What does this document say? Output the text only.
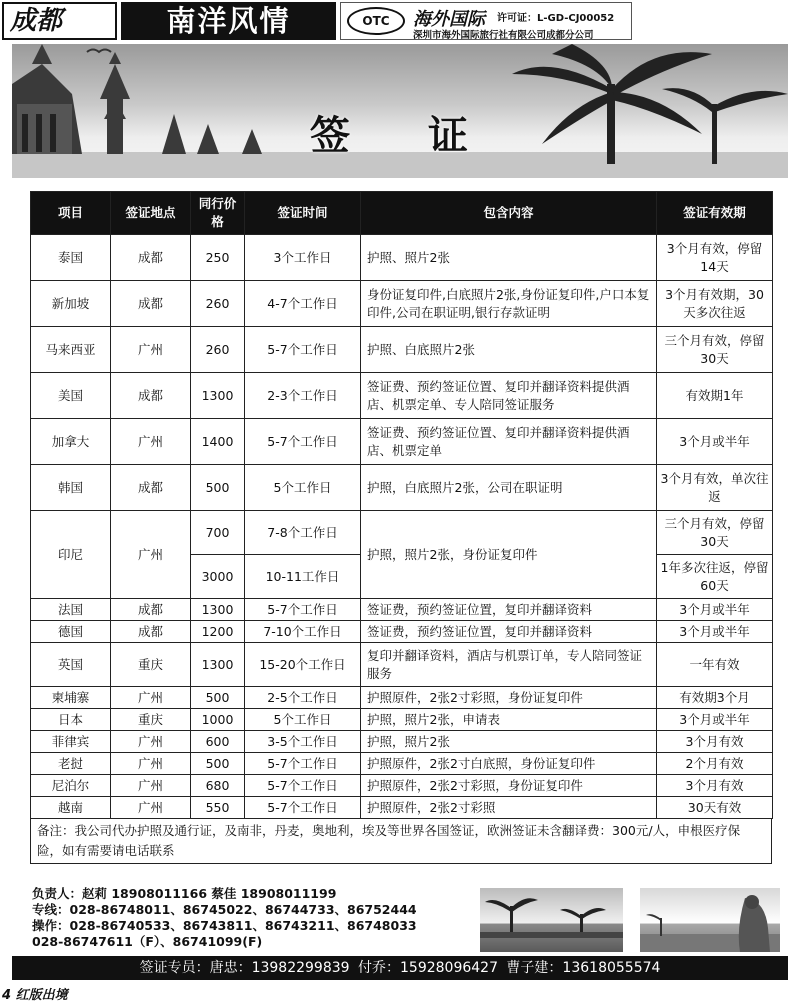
成都	南洋风情	OTC	海外国际 许可证：L-GD-CJ00052
深圳市海外国际旅行社有限公司成都分公司
签证
项目	签证地点	同行价格	签证时间	包含内容	签证有效期
泰国	成都	250	3个工作日	护照、照片2张	3个月有效，停留14天
新加坡	成都	260	4-7个工作日	身份证复印件,白底照片2张,身份证复印件,户口本复印件,公司在职证明,银行存款证明	3个月有效期，30天多次往返
马来西亚	广州	260	5-7个工作日	护照、白底照片2张	三个月有效，停留30天
美国	成都	1300	2-3个工作日	签证费、预约签证位置、复印并翻译资料提供酒店、机票定单、专人陪同签证服务	有效期1年
加拿大	广州	1400	5-7个工作日	签证费、预约签证位置、复印并翻译资料提供酒店、机票定单	3个月或半年
韩国	成都	500	5个工作日	护照，白底照片2张，公司在职证明	3个月有效，单次往返
印尼	广州	700	7-8个工作日	护照，照片2张，身份证复印件	三个月有效，停留30天
		3000	10-11工作日		1年多次往返，停留60天
法国	成都	1300	5-7个工作日	签证费，预约签证位置，复印并翻译资料	3个月或半年
德国	成都	1200	7-10个工作日	签证费，预约签证位置，复印并翻译资料	3个月或半年
英国	重庆	1300	15-20个工作日	复印并翻译资料，酒店与机票订单，专人陪同签证服务	一年有效
柬埔寨	广州	500	2-5个工作日	护照原件，2张2寸彩照，身份证复印件	有效期3个月
日本	重庆	1000	5个工作日	护照，照片2张，申请表	3个月或半年
菲律宾	广州	600	3-5个工作日	护照，照片2张	3个月有效
老挝	广州	500	5-7个工作日	护照原件，2张2寸白底照，身份证复印件	2个月有效
尼泊尔	广州	680	5-7个工作日	护照原件，2张2寸彩照，身份证复印件	3个月有效
越南	广州	550	5-7个工作日	护照原件，2张2寸彩照	30天有效
备注：我公司代办护照及通行证，及南非，丹麦，奥地利，埃及等世界各国签证，欧洲签证未含翻译费：300元/人，申根医疗保险，如有需要请电话联系
负责人：赵莉 18908011166 蔡佳 18908011199
专线：028-86748011、86745022、86744733、86752444
操作：028-86740533、86743811、86743211、86748033
028-86747611（F）、86741099(F)
签证专员：唐忠：13982299839 付乔：15928096427 曹子建：13618055574
4 红版出境
